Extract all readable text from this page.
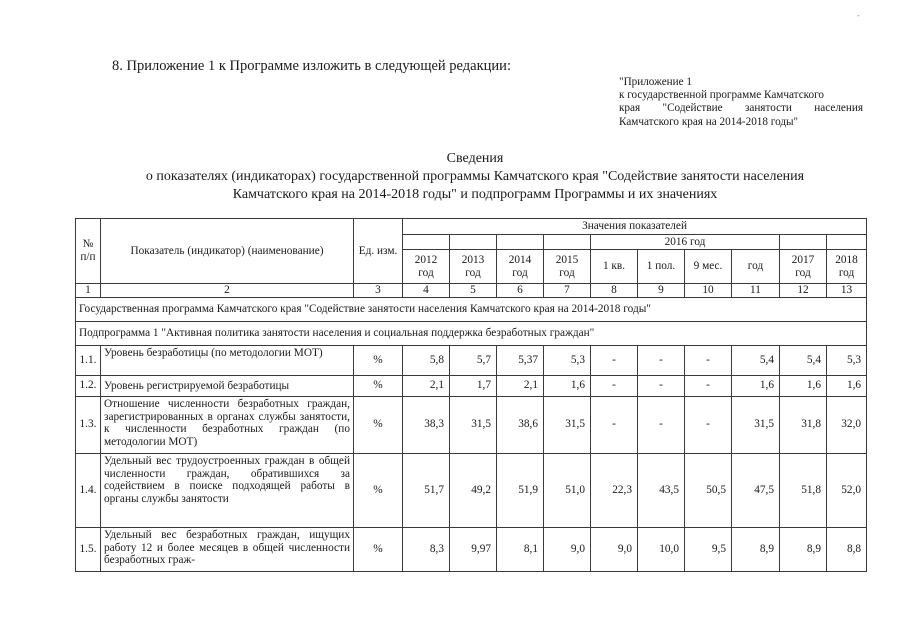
-
8. Приложение 1 к Программе изложить в следующей редакции:
"Приложение 1
к государственной программе Камчатского
края "Содействие занятости населения
Камчатского края на 2014-2018 годы"
Сведения
о показателях (индикаторах) государственной программы Камчатского края "Содействие занятости населения
Камчатского края на 2014-2018 годы" и подпрограмм Программы и их значениях
№ п/п	Показатель (индикатор) (наименование)	Ед. изм.	Значения показателей									
							2016 год					
			2012 год	2013 год	2014 год	2015 год	1 кв.	1 пол.	9 мес.	год	2017 год	2018 год
1	2	3	4	5	6	7	8	9	10	11	12	13
Государственная программа Камчатского края "Содействие занятости населения Камчатского края на 2014-2018 годы"												
Подпрограмма 1 "Активная политика занятости населения и социальная поддержка безработных граждан"												
1.1.	Уровень безработицы (по методологии МОТ)	%	5,8	5,7	5,37	5,3	-	-	-	5,4	5,4	5,3
1.2.	Уровень регистрируемой безработицы	%	2,1	1,7	2,1	1,6	-	-	-	1,6	1,6	1,6
1.3.	Отношение численности безработных граждан, зарегистрированных в органах службы занятости, к численности безработных граждан (по методологии МОТ)	%	38,3	31,5	38,6	31,5	-	-	-	31,5	31,8	32,0
1.4.	Удельный вес трудоустроенных граждан в общей численности граждан, обратившихся за содействием в поиске подходящей работы в органы службы занятости	%	51,7	49,2	51,9	51,0	22,3	43,5	50,5	47,5	51,8	52,0
1.5.	Удельный вес безработных граждан, ищущих работу 12 и более месяцев в общей численности безработных граж-	%	8,3	9,97	8,1	9,0	9,0	10,0	9,5	8,9	8,9	8,8
